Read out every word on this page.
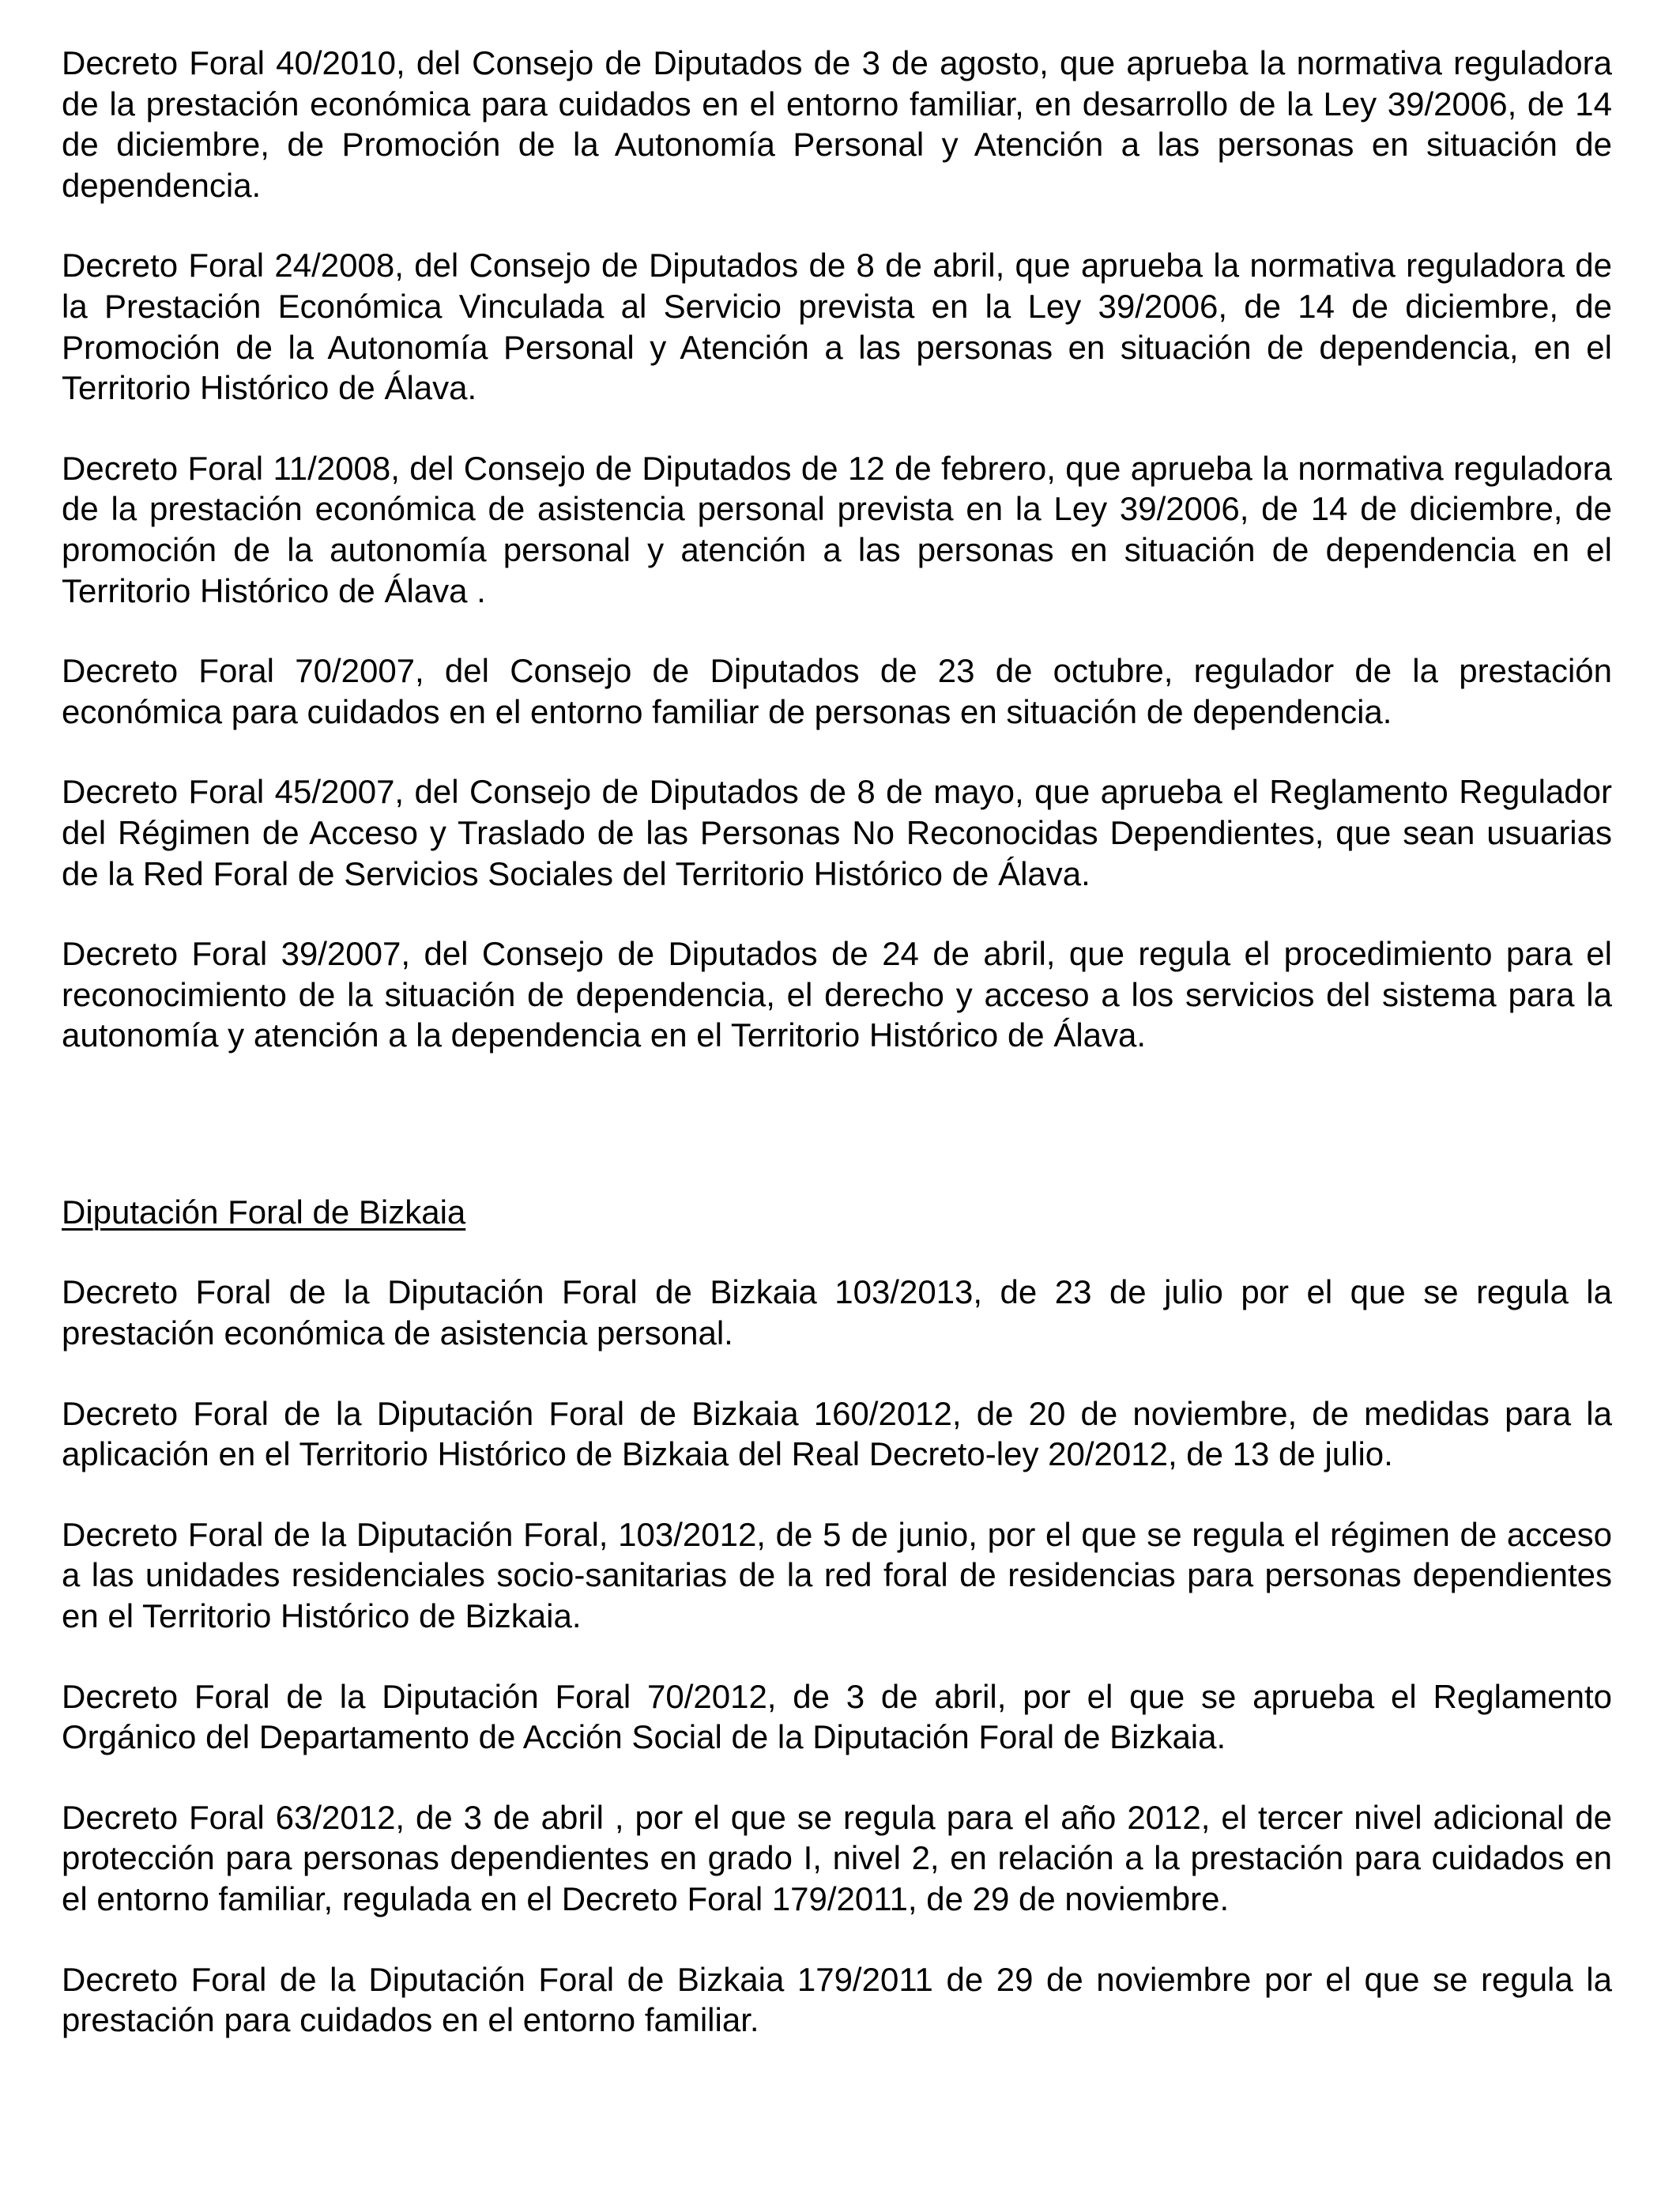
Decreto Foral 40/2010, del Consejo de Diputados de 3 de agosto, que aprueba la normativa reguladora de la prestación económica para cuidados en el entorno familiar, en desarrollo de la Ley 39/2006, de 14 de diciembre, de Promoción de la Autonomía Personal y Atención a las personas en situación de dependencia.

Decreto Foral 24/2008, del Consejo de Diputados de 8 de abril, que aprueba la normativa reguladora de la Prestación Económica Vinculada al Servicio prevista en la Ley 39/2006, de 14 de diciembre, de Promoción de la Autonomía Personal y Atención a las personas en situación de dependencia, en el Territorio Histórico de Álava.

Decreto Foral 11/2008, del Consejo de Diputados de 12 de febrero, que aprueba la normativa reguladora de la prestación económica de asistencia personal prevista en la Ley 39/2006, de 14 de diciembre, de promoción de la autonomía personal y atención a las personas en situación de dependencia en el Territorio Histórico de Álava .

Decreto Foral 70/2007, del Consejo de Diputados de 23 de octubre, regulador de la prestación económica para cuidados en el entorno familiar de personas en situación de dependencia.

Decreto Foral 45/2007, del Consejo de Diputados de 8 de mayo, que aprueba el Reglamento Regulador del Régimen de Acceso y Traslado de las Personas No Reconocidas Dependientes, que sean usuarias de la Red Foral de Servicios Sociales del Territorio Histórico de Álava.

Decreto Foral 39/2007, del Consejo de Diputados de 24 de abril, que regula el procedimiento para el reconocimiento de la situación de dependencia, el derecho y acceso a los servicios del sistema para la autonomía y atención a la dependencia en el Territorio Histórico de Álava.

Diputación Foral de Bizkaia

Decreto Foral de la Diputación Foral de Bizkaia 103/2013, de 23 de julio por el que se regula la prestación económica de asistencia personal.

Decreto Foral de la Diputación Foral de Bizkaia 160/2012, de 20 de noviembre, de medidas para la aplicación en el Territorio Histórico de Bizkaia del Real Decreto-ley 20/2012, de 13 de julio.

Decreto Foral de la Diputación Foral, 103/2012, de 5 de junio, por el que se regula el régimen de acceso a las unidades residenciales socio-sanitarias de la red foral de residencias para personas dependientes en el Territorio Histórico de Bizkaia.

Decreto Foral de la Diputación Foral 70/2012, de 3 de abril, por el que se aprueba el Reglamento Orgánico del Departamento de Acción Social de la Diputación Foral de Bizkaia.

Decreto Foral 63/2012, de 3 de abril , por el que se regula para el año 2012, el tercer nivel adicional de protección para personas dependientes en grado I, nivel 2, en relación a la prestación para cuidados en el entorno familiar, regulada en el Decreto Foral 179/2011, de 29 de noviembre.

Decreto Foral de la Diputación Foral de Bizkaia 179/2011 de 29 de noviembre por el que se regula la prestación para cuidados en el entorno familiar.
